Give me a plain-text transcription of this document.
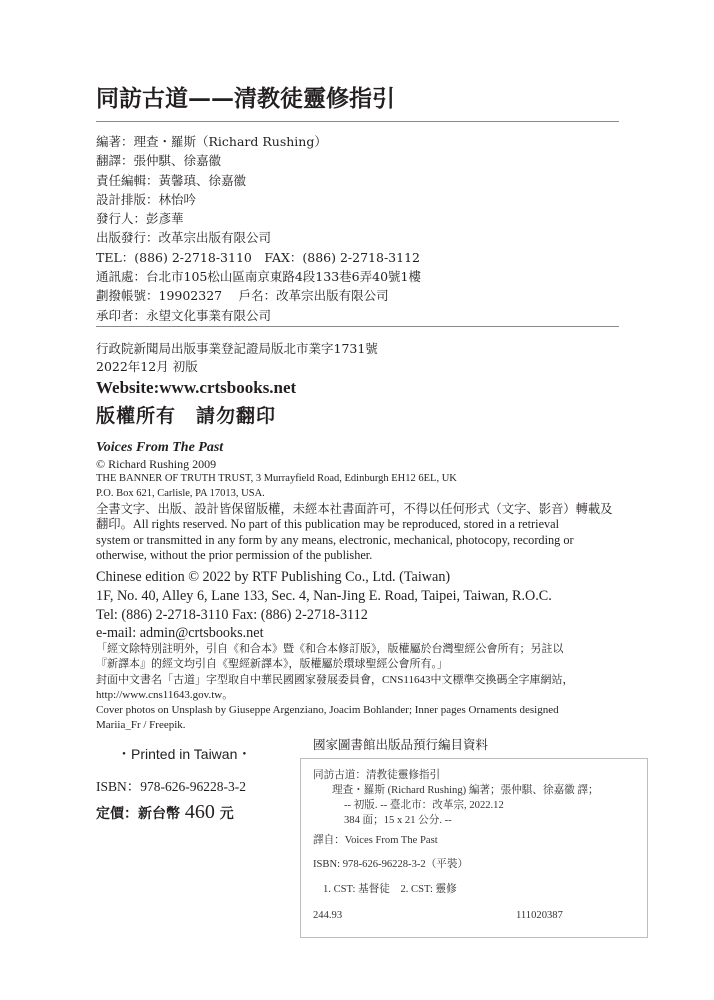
同訪古道——清教徒靈修指引
編著：理查・羅斯（Richard Rushing）
翻譯：張仲騏、徐嘉徽
責任編輯：黃馨瑱、徐嘉徽
設計排版：林怡吟
發行人：彭彥華
出版發行：改革宗出版有限公司
TEL：(886) 2-2718-3110　FAX：(886) 2-2718-3112
通訊處：台北市105松山區南京東路4段133巷6弄40號1樓
劃撥帳號：19902327　 戶名：改革宗出版有限公司
承印者：永望文化事業有限公司
行政院新聞局出版事業登記證局版北市業字1731號
2022年12月 初版
Website:www.crtsbooks.net
版權所有　請勿翻印
Voices From The Past
© Richard Rushing 2009
THE BANNER OF TRUTH TRUST, 3 Murrayfield Road, Edinburgh EH12 6EL, UK
P.O. Box 621, Carlisle, PA 17013, USA.
全書文字、出版、設計皆保留版權，未經本社書面許可，不得以任何形式（文字、影音）轉載及
翻印。All rights reserved. No part of this publication may be reproduced, stored in a retrieval
system or transmitted in any form by any means, electronic, mechanical, photocopy, recording or
otherwise, without the prior permission of the publisher.
Chinese edition © 2022 by RTF Publishing Co., Ltd. (Taiwan)
1F, No. 40, Alley 6, Lane 133, Sec. 4, Nan-Jing E. Road, Taipei, Taiwan, R.O.C.
Tel: (886) 2-2718-3110 Fax: (886) 2-2718-3112
e-mail: admin@crtsbooks.net
「經文除特別註明外，引自《和合本》暨《和合本修訂版》，版權屬於台灣聖經公會所有；另註以
『新譯本』的經文均引自《聖經新譯本》，版權屬於環球聖經公會所有。」
封面中文書名「古道」字型取自中華民國國家發展委員會，CNS11643中文標準交換碼全字庫網站，
http://www.cns11643.gov.tw。
Cover photos on Unsplash by Giuseppe Argenziano, Joacim Bohlander; Inner pages Ornaments designed
Mariia_Fr / Freepik.
・Printed in Taiwan・
ISBN：978-626-96228-3-2
定價：新台幣 460 元
國家圖書館出版品預行編目資料
同訪古道：清教徒靈修指引
理查・羅斯 (Richard Rushing) 編著；張仲騏、徐嘉徽 譯；
-- 初版. -- 臺北市：改革宗, 2022.12
384 面；15 x 21 公分. --
譯自：Voices From The Past
ISBN: 978-626-96228-3-2（平裝）
1. CST: 基督徒　2. CST: 靈修
244.93	111020387
